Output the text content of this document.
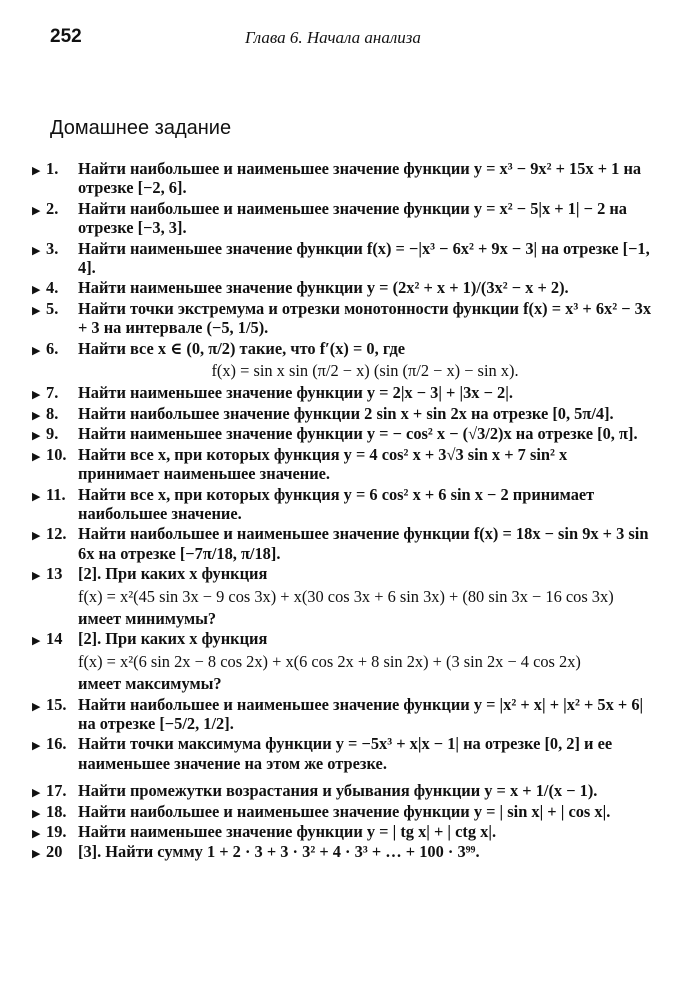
252	Глава 6. Начала анализа
Домашнее задание
▶ 1. Найти наибольшее и наименьшее значение функции y = x³ − 9x² + 15x + 1 на отрезке [−2, 6].
▶ 2. Найти наибольшее и наименьшее значение функции y = x² − 5|x + 1| − 2 на отрезке [−3, 3].
▶ 3. Найти наименьшее значение функции f(x) = −|x³ − 6x² + 9x − 3| на отрезке [−1, 4].
▶ 4. Найти наименьшее значение функции y = (2x² + x + 1)/(3x² − x + 2).
▶ 5. Найти точки экстремума и отрезки монотонности функции f(x) = x³ + 6x² − 3x + 3 на интервале (−5, 1/5).
▶ 6. Найти все x ∈ (0, π/2) такие, что f′(x) = 0, где
f(x) = sin x sin (π/2 − x) (sin (π/2 − x) − sin x).
▶ 7. Найти наименьшее значение функции y = 2|x − 3| + |3x − 2|.
▶ 8. Найти наибольшее значение функции 2 sin x + sin 2x на отрезке [0, 5π/4].
▶ 9. Найти наименьшее значение функции y = − cos² x − (√3/2)x на отрезке [0, π].
▶ 10. Найти все x, при которых функция y = 4 cos² x + 3√3 sin x + 7 sin² x принимает наименьшее значение.
▶ 11. Найти все x, при которых функция y = 6 cos² x + 6 sin x − 2 принимает наибольшее значение.
▶ 12. Найти наибольшее и наименьшее значение функции f(x) = 18x − sin 9x + 3 sin 6x на отрезке [−7π/18, π/18].
▶ 13 [2]. При каких x функция
f(x) = x²(45 sin 3x − 9 cos 3x) + x(30 cos 3x + 6 sin 3x) + (80 sin 3x − 16 cos 3x)
имеет минимумы?
▶ 14 [2]. При каких x функция
f(x) = x²(6 sin 2x − 8 cos 2x) + x(6 cos 2x + 8 sin 2x) + (3 sin 2x − 4 cos 2x)
имеет максимумы?
▶ 15. Найти наибольшее и наименьшее значение функции y = |x² + x| + |x² + 5x + 6| на отрезке [−5/2, 1/2].
▶ 16. Найти точки максимума функции y = −5x³ + x|x − 1| на отрезке [0, 2] и ее наименьшее значение на этом же отрезке.
▶ 17. Найти промежутки возрастания и убывания функции y = x + 1/(x − 1).
▶ 18. Найти наибольшее и наименьшее значение функции y = | sin x| + | cos x|.
▶ 19. Найти наименьшее значение функции y = | tg x| + | ctg x|.
▶ 20 [3]. Найти сумму 1 + 2 · 3 + 3 · 3² + 4 · 3³ + … + 100 · 3⁹⁹.
